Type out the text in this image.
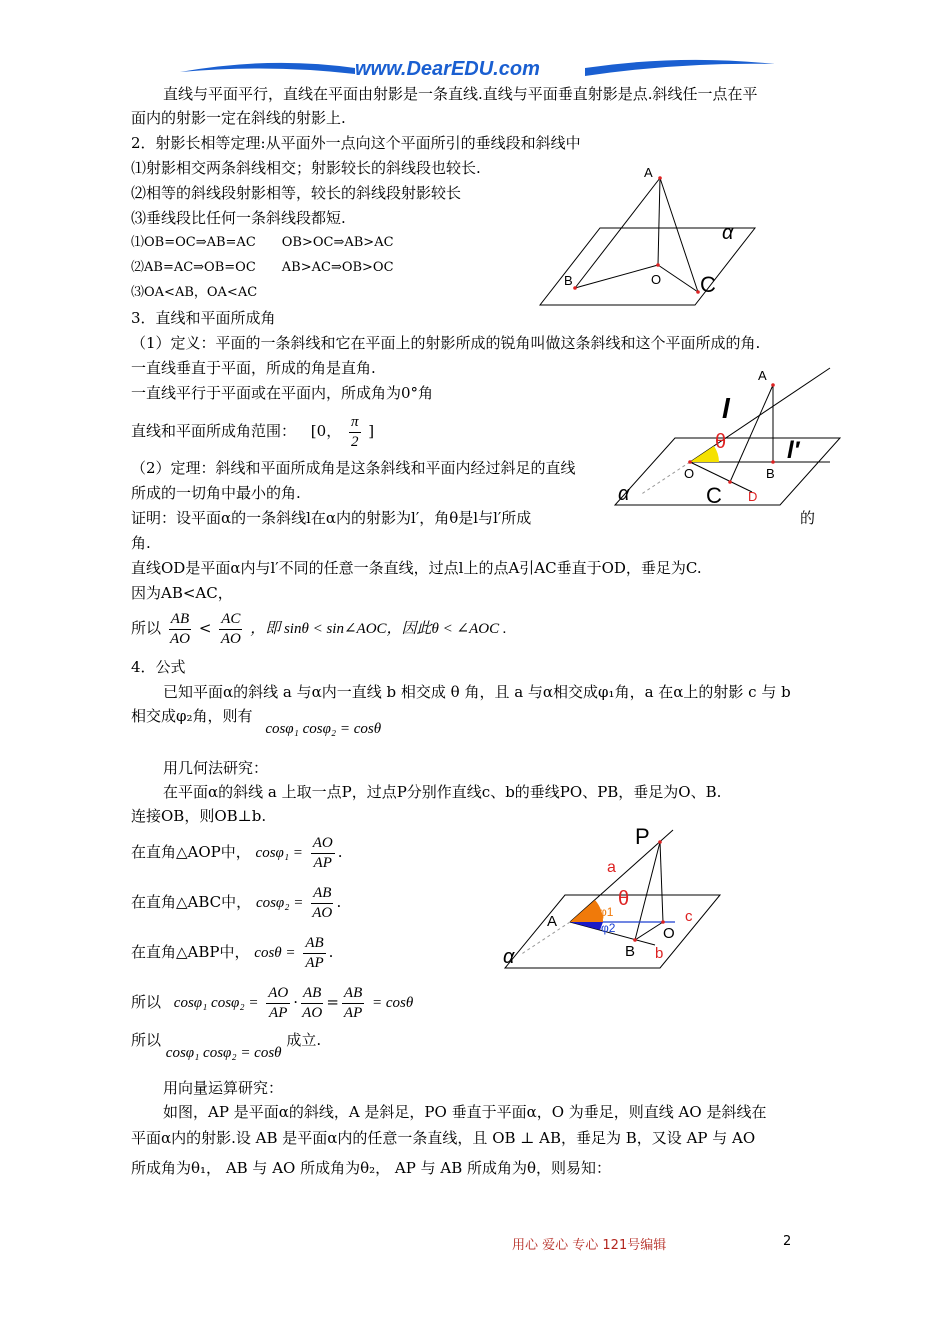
www.DearEDU.com
直线与平面平行，直线在平面由射影是一条直线.直线与平面垂直射影是点.斜线任一点在平
面内的射影一定在斜线的射影上.
2．射影长相等定理:从平面外一点向这个平面所引的垂线段和斜线中
⑴射影相交两条斜线相交；射影较长的斜线段也较长.
⑵相等的斜线段射影相等，较长的斜线段射影较长
⑶垂线段比任何一条斜线段都短.
⑴OB=OC⇒AB=AC　　OB>OC⇒AB>AC
⑵AB=AC⇒OB=OC　　AB>AC⇒OB>OC
⑶OA<AB，OA<AC
3．直线和平面所成角
（1）定义：平面的一条斜线和它在平面上的射影所成的锐角叫做这条斜线和这个平面所成的角.
一直线垂直于平面，所成的角是直角.
一直线平行于平面或在平面内，所成角为0°角
直线和平面所成角范围： [0， $\frac{\pi}{2}$ ]
（2）定理：斜线和平面所成角是这条斜线和平面内经过斜足的直线
所成的一切角中最小的角.
证明：设平面α的一条斜线l在α内的射影为l′，角θ是l与l′所成	的
角.
直线OD是平面α内与l′不同的任意一条直线，过点l上的点A引AC垂直于OD，垂足为C.
因为AB<AC，
所以 $\frac{AB}{AO} < \frac{AC}{AO}$ ，即 sinθ < sin∠AOC，因此θ < ∠AOC .
4．公式
已知平面α的斜线 a 与α内一直线 b 相交成 θ 角，且 a 与α相交成φ₁角，a 在α上的射影 c 与 b
相交成φ₂角，则有 cosφ₁ cosφ₂ = cosθ
用几何法研究：
在平面α的斜线 a 上取一点P，过点P分别作直线c、b的垂线PO、PB，垂足为O、B.
连接OB，则OB⊥b.
在直角△AOP中， $\cos\varphi_1 = \frac{AO}{AP}$ .
在直角△ABC中， $\cos\varphi_2 = \frac{AB}{AO}$ .
在直角△ABP中， $\cos\theta = \frac{AB}{AP}$ .
所以 cosφ₁ $\cos\varphi_2 = \frac{AO}{AP} \cdot \frac{AB}{AO} = \frac{AB}{AP} = \cos\theta$
所以 cosφ₁ cosφ₂ = cosθ 成立.
用向量运算研究：
如图，AP 是平面α的斜线，A 是斜足，PO 垂直于平面α，O 为垂足，则直线 AO 是斜线在
平面α内的射影.设 AB 是平面α内的任意一条直线，且 OB ⊥ AB，垂足为 B，又设 AP 与 AO
所成角为θ₁， AB 与 AO 所成角为θ₂， AP 与 AB 所成角为θ，则易知：
A
B	O C
α
A
l
θ	l′
O	B
C D
α
P
a
θ
φ1
φ2
A
O
c
B b
α
用心 爱心 专心 121号编辑	2
